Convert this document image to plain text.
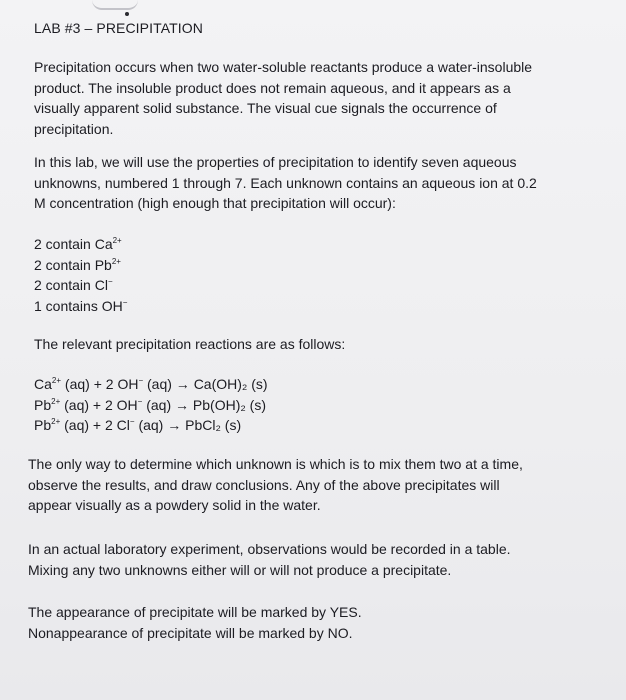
LAB #3 – PRECIPITATION
Precipitation occurs when two water-soluble reactants produce a water-insoluble
product. The insoluble product does not remain aqueous, and it appears as a
visually apparent solid substance. The visual cue signals the occurrence of
precipitation.
In this lab, we will use the properties of precipitation to identify seven aqueous
unknowns, numbered 1 through 7. Each unknown contains an aqueous ion at 0.2
M concentration (high enough that precipitation will occur):
2 contain $Ca^{2+}$
2 contain $Pb^{2+}$
2 contain Cl−
1 contains OH−
The relevant precipitation reactions are as follows:
$Ca^{2+}$ (aq) + 2 OH− (aq) → Ca(OH)₂ (s)
$Pb^{2+}$ (aq) + 2 OH− (aq) → Pb(OH)₂ (s)
$Pb^{2+}$ (aq) + 2 Cl− (aq) → PbCl₂ (s)
The only way to determine which unknown is which is to mix them two at a time,
observe the results, and draw conclusions. Any of the above precipitates will
appear visually as a powdery solid in the water.
In an actual laboratory experiment, observations would be recorded in a table.
Mixing any two unknowns either will or will not produce a precipitate.
The appearance of precipitate will be marked by YES.
Nonappearance of precipitate will be marked by NO.
